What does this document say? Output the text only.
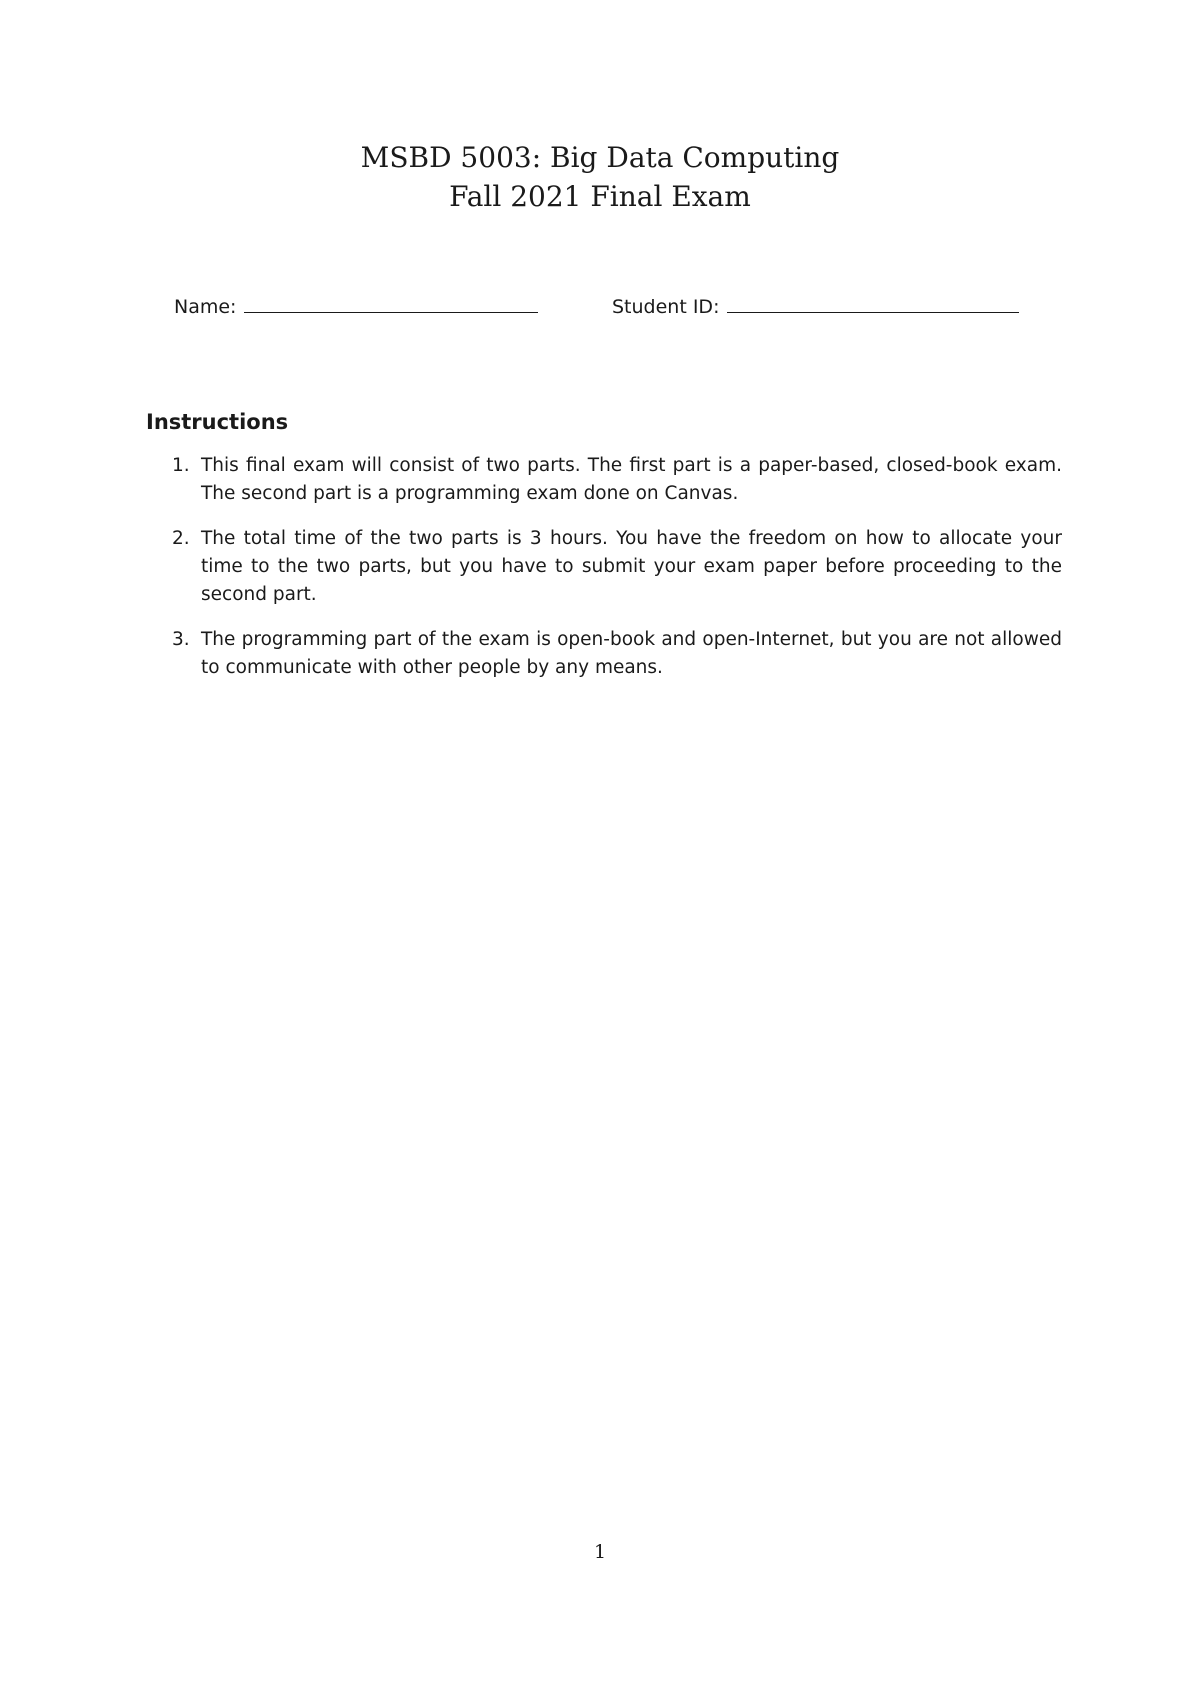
MSBD 5003: Big Data Computing
Fall 2021 Final Exam
Name:	Student ID:
Instructions
1. This final exam will consist of two parts. The first part is a paper-based, closed-book exam. The second part is a programming exam done on Canvas.
2. The total time of the two parts is 3 hours. You have the freedom on how to allocate your time to the two parts, but you have to submit your exam paper before proceeding to the second part.
3. The programming part of the exam is open-book and open-Internet, but you are not allowed to communicate with other people by any means.
1
